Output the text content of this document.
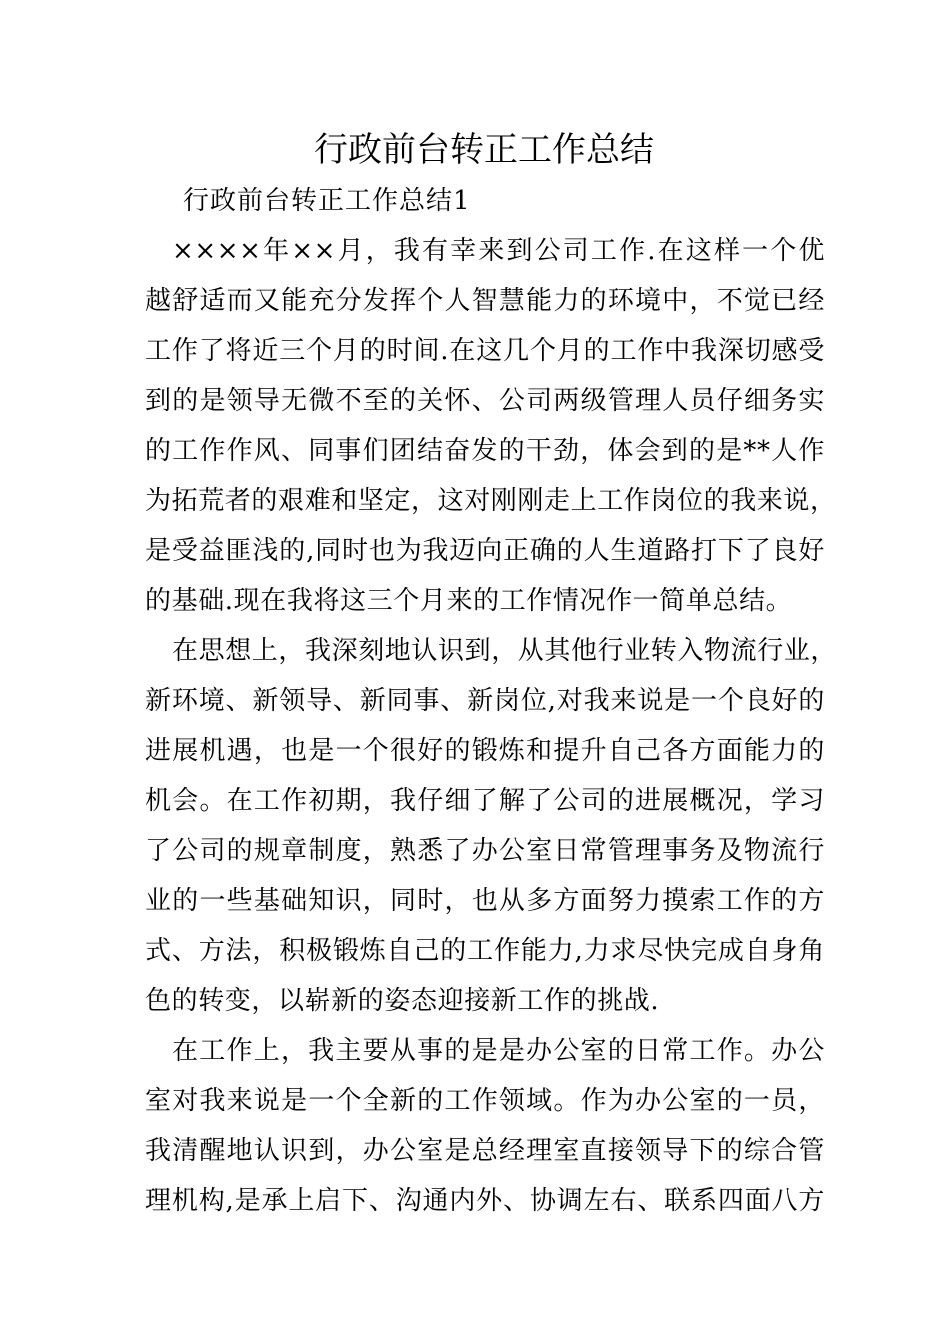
行政前台转正工作总结
行政前台转正工作总结1
××××年××月，我有幸来到公司工作.在这样一个优
越舒适而又能充分发挥个人智慧能力的环境中，不觉已经
工作了将近三个月的时间.在这几个月的工作中我深切感受
到的是领导无微不至的关怀、公司两级管理人员仔细务实
的工作作风、同事们团结奋发的干劲，体会到的是**人作
为拓荒者的艰难和坚定，这对刚刚走上工作岗位的我来说，
是受益匪浅的,同时也为我迈向正确的人生道路打下了良好
的基础.现在我将这三个月来的工作情况作一简单总结。
在思想上，我深刻地认识到，从其他行业转入物流行业，
新环境、新领导、新同事、新岗位,对我来说是一个良好的
进展机遇，也是一个很好的锻炼和提升自己各方面能力的
机会。在工作初期，我仔细了解了公司的进展概况，学习
了公司的规章制度，熟悉了办公室日常管理事务及物流行
业的一些基础知识，同时，也从多方面努力摸索工作的方
式、方法，积极锻炼自己的工作能力,力求尽快完成自身角
色的转变，以崭新的姿态迎接新工作的挑战.
在工作上，我主要从事的是是办公室的日常工作。办公
室对我来说是一个全新的工作领域。作为办公室的一员，
我清醒地认识到，办公室是总经理室直接领导下的综合管
理机构,是承上启下、沟通内外、协调左右、联系四面八方
